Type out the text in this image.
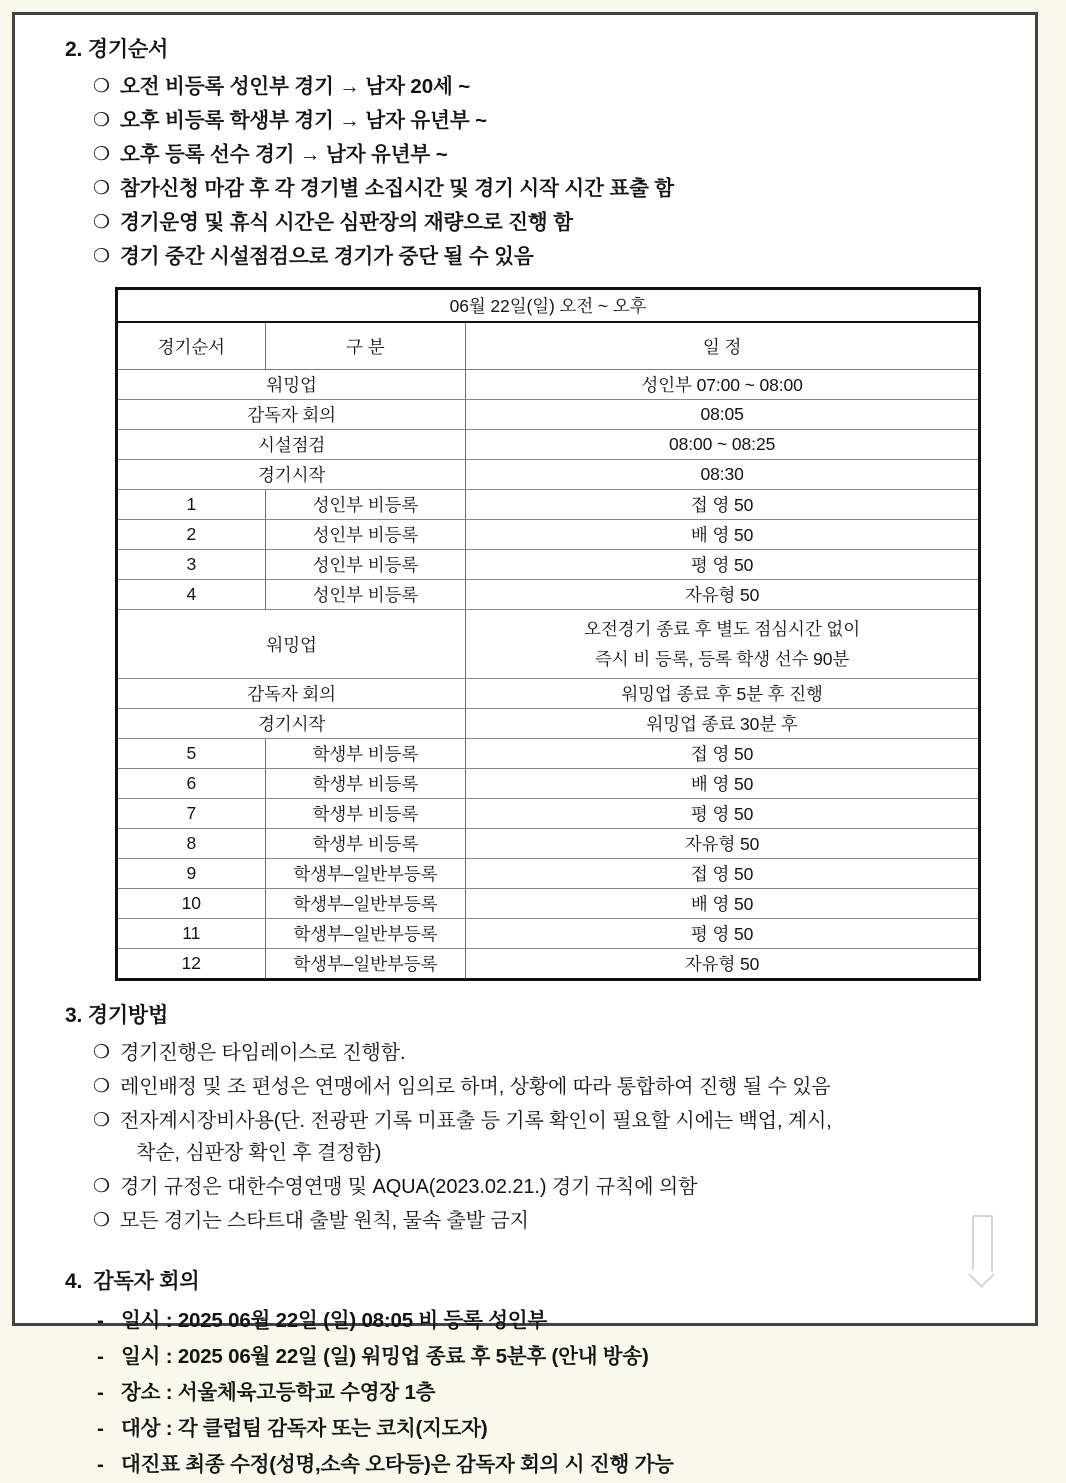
2. 경기순서
❍ 오전 비등록 성인부 경기 → 남자 20세 ~
❍ 오후 비등록 학생부 경기 → 남자 유년부 ~
❍ 오후 등록 선수 경기 → 남자 유년부 ~
❍ 참가신청 마감 후 각 경기별 소집시간 및 경기 시작 시간 표출 함
❍ 경기운영 및 휴식 시간은 심판장의 재량으로 진행 함
❍ 경기 중간 시설점검으로 경기가 중단 될 수 있음
06월 22일(일) 오전 ~ 오후		
경기순서	구 분	일 정
워밍업		성인부 07:00 ~ 08:00
감독자 회의		08:05
시설점검		08:00 ~ 08:25
경기시작		08:30
1	성인부 비등록	접 영 50
2	성인부 비등록	배 영 50
3	성인부 비등록	평 영 50
4	성인부 비등록	자유형 50
워밍업		오전경기 종료 후 별도 점심시간 없이
즉시 비 등록, 등록 학생 선수 90분

감독자 회의		워밍업 종료 후 5분 후 진행
경기시작		워밍업 종료 30분 후
5	학생부 비등록	접 영 50
6	학생부 비등록	배 영 50
7	학생부 비등록	평 영 50
8	학생부 비등록	자유형 50
9	학생부–일반부등록	접 영 50
10	학생부–일반부등록	배 영 50
11	학생부–일반부등록	평 영 50
12	학생부–일반부등록	자유형 50
3. 경기방법
❍ 경기진행은 타임레이스로 진행함.
❍ 레인배정 및 조 편성은 연맹에서 임의로 하며, 상황에 따라 통합하여 진행 될 수 있음
❍ 전자계시장비사용(단. 전광판 기록 미표출 등 기록 확인이 필요할 시에는 백업, 계시,
착순, 심판장 확인 후 결정함)
❍ 경기 규정은 대한수영연맹 및 AQUA(2023.02.21.) 경기 규칙에 의함
❍ 모든 경기는 스타트대 출발 원칙, 물속 출발 금지
4.  감독자 회의
- 일시 : 2025 06월 22일 (일) 08:05 비 등록 성인부
- 일시 : 2025 06월 22일 (일) 워밍업 종료 후 5분후 (안내 방송)
- 장소 : 서울체육고등학교 수영장 1층
- 대상 : 각 클럽팀 감독자 또는 코치(지도자)
- 대진표 최종 수정(성명,소속 오타등)은 감독자 회의 시 진행 가능
